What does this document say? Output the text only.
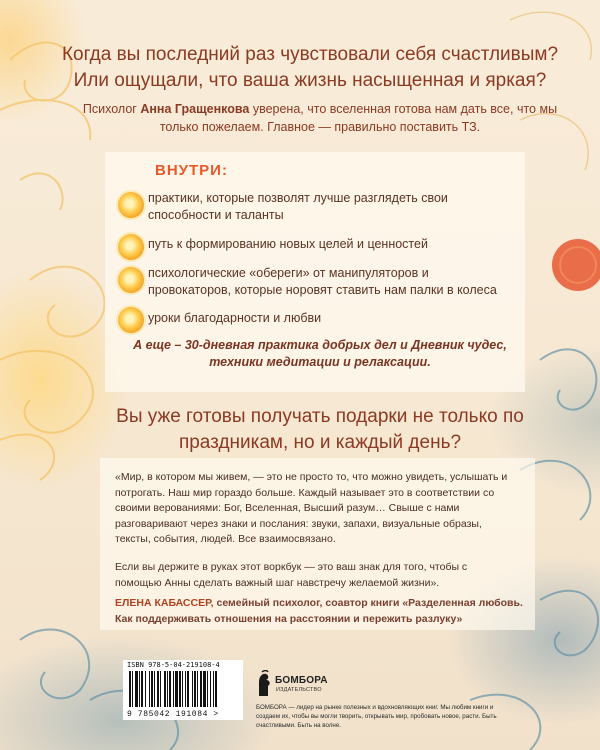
Когда вы последний раз чувствовали себя счастливым? Или ощущали, что ваша жизнь насыщенная и яркая?
Психолог Анна Гращенкова уверена, что вселенная готова нам дать все, что мы только пожелаем. Главное — правильно поставить ТЗ.
ВНУТРИ:
практики, которые позволят лучше разглядеть свои способности и таланты
путь к формированию новых целей и ценностей
психологические «обереги» от манипуляторов и провокаторов, которые норовят ставить нам палки в колеса
уроки благодарности и любви
А еще – 30-дневная практика добрых дел и Дневник чудес, техники медитации и релаксации.
Вы уже готовы получать подарки не только по праздникам, но и каждый день?
«Мир, в котором мы живем, — это не просто то, что можно увидеть, услышать и потрогать. Наш мир гораздо больше. Каждый называет это в соответствии со своими верованиями: Бог, Вселенная, Высший разум… Свыше с нами разговаривают через знаки и послания: звуки, запахи, визуальные образы, тексты, события, людей. Все взаимосвязано.
Если вы держите в руках этот воркбук — это ваш знак для того, чтобы с помощью Анны сделать важный шаг навстречу желаемой жизни».
ЕЛЕНА КАБАССЕР, семейный психолог, соавтор книги «Разделенная любовь. Как поддерживать отношения на расстоянии и пережить разлуку»
ISBN 978-5-04-219108-4
9 785042 191084 >
БОМБОРА
ИЗДАТЕЛЬСТВО
БОМБОРА — лидер на рынке полезных и вдохновляющих книг. Мы любим книги и создаем их, чтобы вы могли творить, открывать мир, пробовать новое, расти. Быть счастливыми. Быть на волне.
